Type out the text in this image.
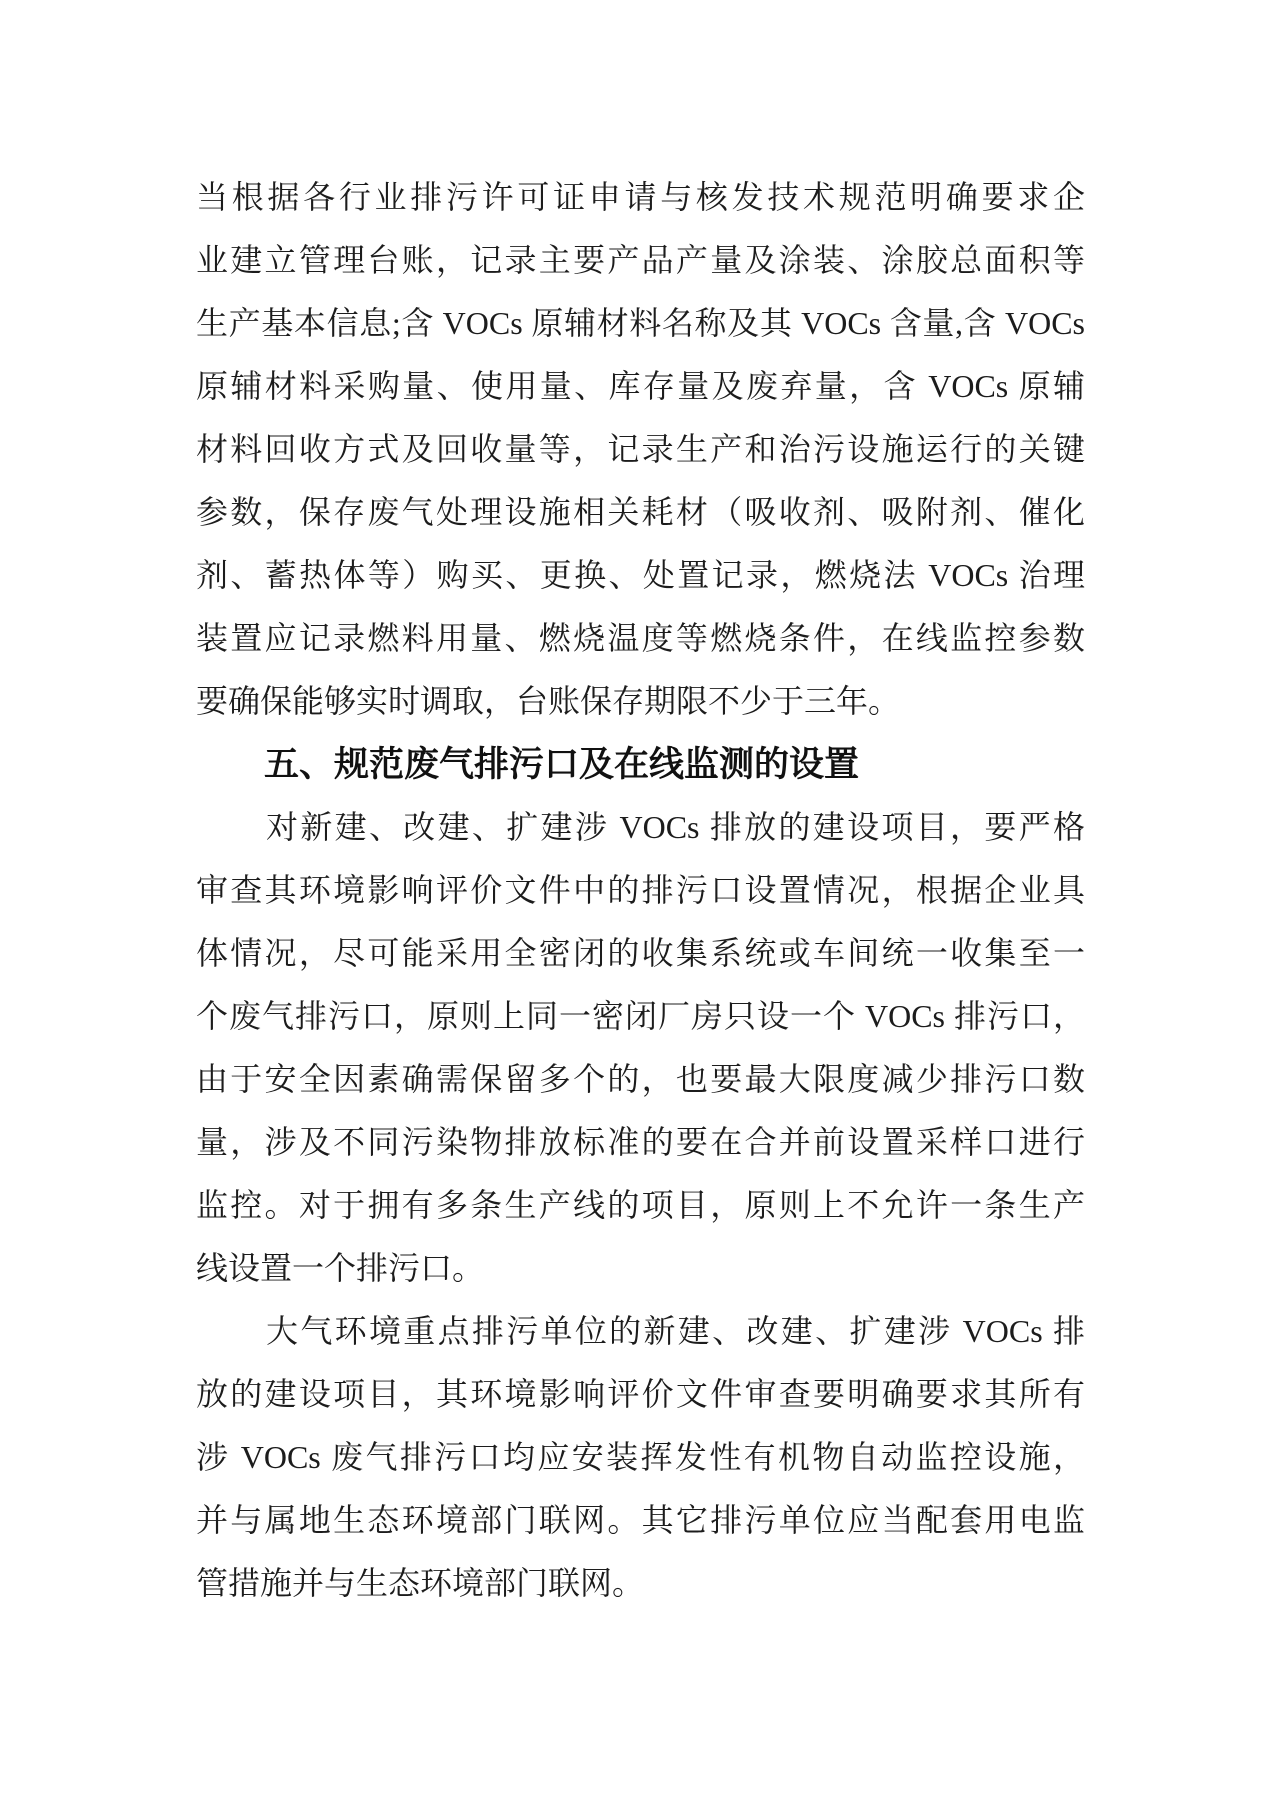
当根据各行业排污许可证申请与核发技术规范明确要求企
业建立管理台账，记录主要产品产量及涂装、涂胶总面积等
生产基本信息;含 VOCs 原辅材料名称及其 VOCs 含量,含 VOCs
原辅材料采购量、使用量、库存量及废弃量，含 VOCs 原辅
材料回收方式及回收量等，记录生产和治污设施运行的关键
参数，保存废气处理设施相关耗材（吸收剂、吸附剂、催化
剂、蓄热体等）购买、更换、处置记录，燃烧法 VOCs 治理
装置应记录燃料用量、燃烧温度等燃烧条件，在线监控参数
要确保能够实时调取，台账保存期限不少于三年。
五、规范废气排污口及在线监测的设置
对新建、改建、扩建涉 VOCs 排放的建设项目，要严格
审查其环境影响评价文件中的排污口设置情况，根据企业具
体情况，尽可能采用全密闭的收集系统或车间统一收集至一
个废气排污口，原则上同一密闭厂房只设一个 VOCs 排污口，
由于安全因素确需保留多个的，也要最大限度减少排污口数
量，涉及不同污染物排放标准的要在合并前设置采样口进行
监控。对于拥有多条生产线的项目，原则上不允许一条生产
线设置一个排污口。
大气环境重点排污单位的新建、改建、扩建涉 VOCs 排
放的建设项目，其环境影响评价文件审查要明确要求其所有
涉 VOCs 废气排污口均应安装挥发性有机物自动监控设施，
并与属地生态环境部门联网。其它排污单位应当配套用电监
管措施并与生态环境部门联网。
